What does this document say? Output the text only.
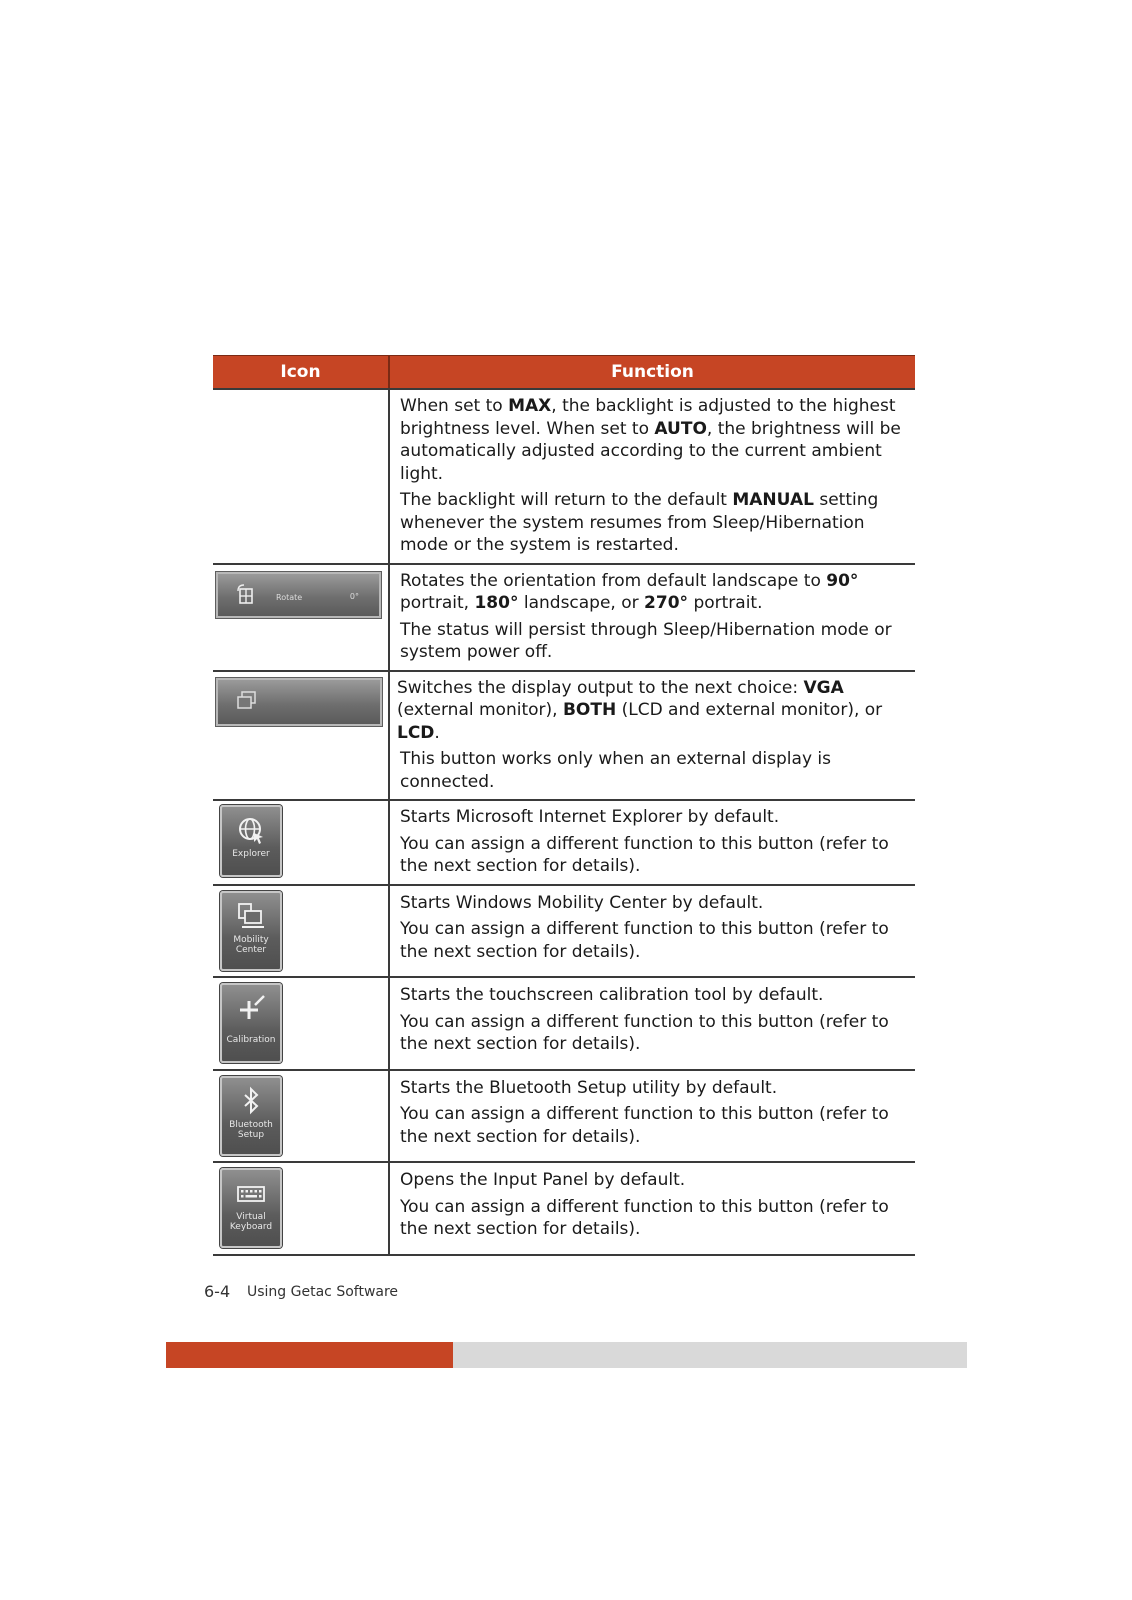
Icon	Function

When set to MAX, the backlight is adjusted to the highest brightness level. When set to AUTO, the brightness will be automatically adjusted according to the current ambient light.

The backlight will return to the default MANUAL setting whenever the system resumes from Sleep/Hibernation mode or the system is restarted.

Rotate	0°

Rotates the orientation from default landscape to 90° portrait, 180° landscape, or 270° portrait.

The status will persist through Sleep/Hibernation mode or system power off.

Switches the display output to the next choice: VGA (external monitor), BOTH (LCD and external monitor), or LCD.

This button works only when an external display is connected.

Explorer

Starts Microsoft Internet Explorer by default.

You can assign a different function to this button (refer to the next section for details).

Mobility Center

Starts Windows Mobility Center by default.

You can assign a different function to this button (refer to the next section for details).

Calibration

Starts the touchscreen calibration tool by default.

You can assign a different function to this button (refer to the next section for details).

Bluetooth Setup

Starts the Bluetooth Setup utility by default.

You can assign a different function to this button (refer to the next section for details).

Virtual Keyboard

Opens the Input Panel by default.

You can assign a different function to this button (refer to the next section for details).

6-4 Using Getac Software
